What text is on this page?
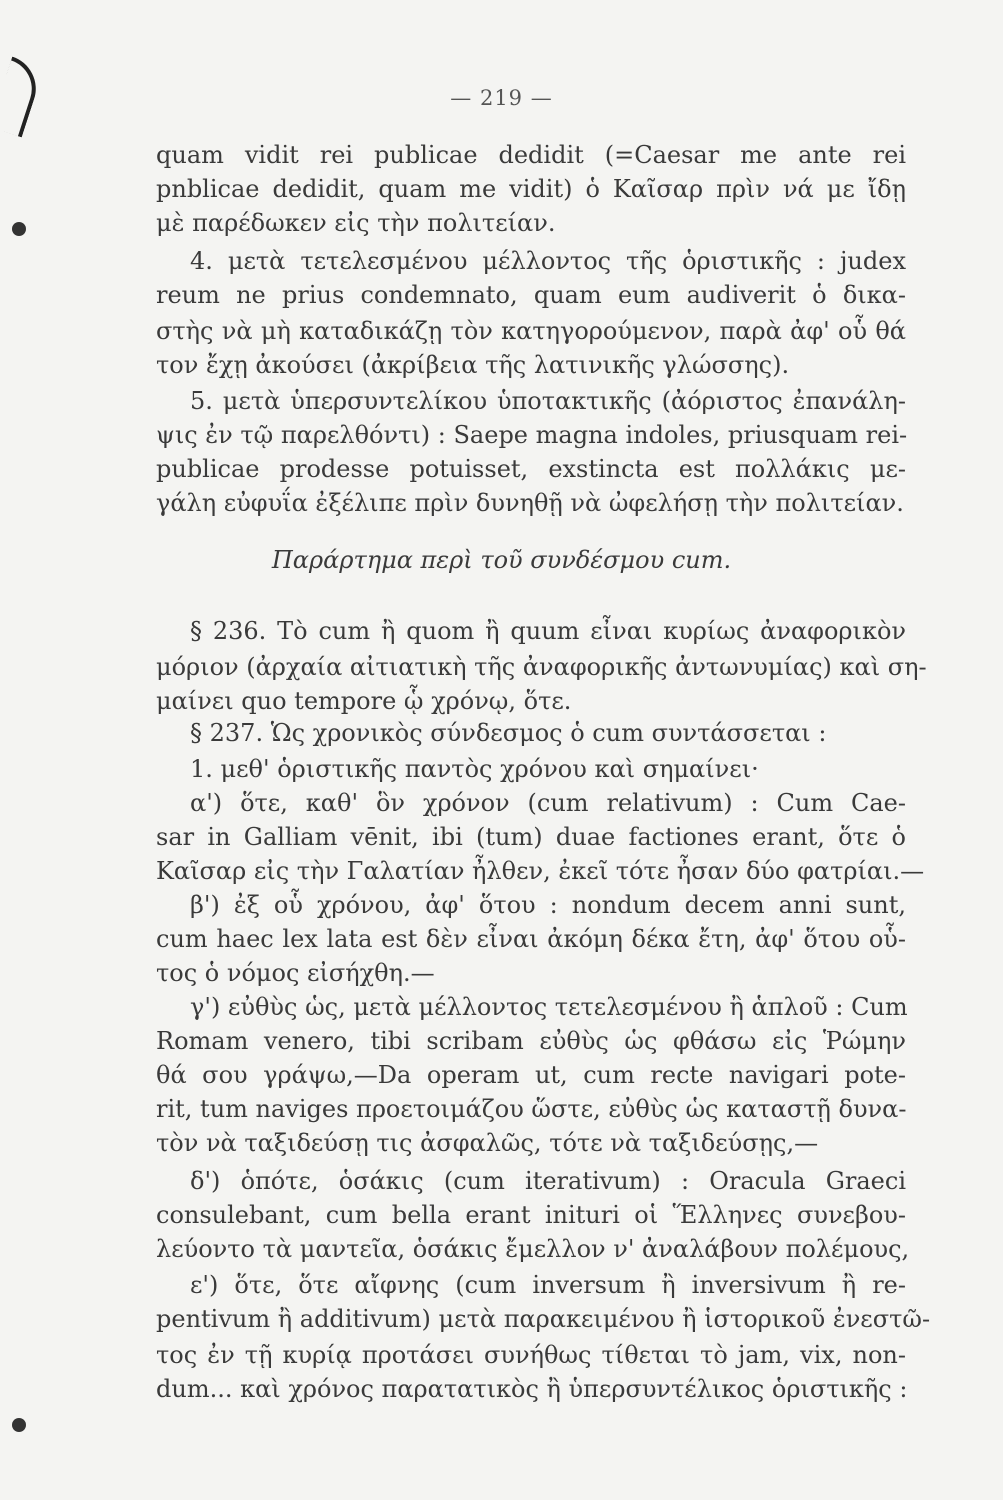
— 219 —
quam vidit rei publicae dedidit (=Caesar me ante rei
pnblicae dedidit, quam me vidit) ὁ Καῖσαρ πρὶν νά με ἴδῃ
μὲ παρέδωκεν εἰς τὴν πολιτείαν.
4. μετὰ τετελεσμένου μέλλοντος τῆς ὁριστικῆς : judex
reum ne prius condemnato, quam eum audiverit ὁ δικα-
στὴς νὰ μὴ καταδικάζῃ τὸν κατηγορούμενον, παρὰ ἀφ' οὗ θά
τον ἔχῃ ἀκούσει (ἀκρίβεια τῆς λατινικῆς γλώσσης).
5. μετὰ ὑπερσυντελίκου ὑποτακτικῆς (ἀόριστος ἐπανάλη-
ψις ἐν τῷ παρελθόντι) : Saepe magna indoles, priusquam rei-
publicae prodesse potuisset, exstincta est πολλάκις με-
γάλη εὐφυΐα ἐξέλιπε πρὶν δυνηθῇ νὰ ὠφελήσῃ τὴν πολιτείαν.
Παράρτημα περὶ τοῦ συνδέσμου cum.
§ 236. Τὸ cum ἢ quom ἢ quum εἶναι κυρίως ἀναφορικὸν
μόριον (ἀρχαία αἰτιατικὴ τῆς ἀναφορικῆς ἀντωνυμίας) καὶ ση-
μαίνει quo tempore ᾧ χρόνῳ, ὅτε.
§ 237. Ὡς χρονικὸς σύνδεσμος ὁ cum συντάσσεται :
1. μεθ' ὁριστικῆς παντὸς χρόνου καὶ σημαίνει·
α') ὅτε, καθ' ὃν χρόνον (cum relativum) : Cum Cae-
sar in Galliam vēnit, ibi (tum) duae factiones erant, ὅτε ὁ
Καῖσαρ εἰς τὴν Γαλατίαν ἦλθεν, ἐκεῖ τότε ἦσαν δύο φατρίαι.—
β') ἐξ οὗ χρόνου, ἀφ' ὅτου : nondum decem anni sunt,
cum haec lex lata est δὲν εἶναι ἀκόμη δέκα ἔτη, ἀφ' ὅτου οὗ-
τος ὁ νόμος εἰσήχθη.—
γ') εὐθὺς ὡς, μετὰ μέλλοντος τετελεσμένου ἢ ἁπλοῦ : Cum
Romam venero, tibi scribam εὐθὺς ὡς φθάσω εἰς Ῥώμην
θά σου γράψω,—Da operam ut, cum recte navigari pote-
rit, tum naviges προετοιμάζου ὥστε, εὐθὺς ὡς καταστῇ δυνα-
τὸν νὰ ταξιδεύσῃ τις ἀσφαλῶς, τότε νὰ ταξιδεύσῃς,—
δ') ὁπότε, ὁσάκις (cum iterativum) : Oracula Graeci
consulebant, cum bella erant inituri οἱ Ἕλληνες συνεβου-
λεύοντο τὰ μαντεῖα, ὁσάκις ἔμελλον ν' ἀναλάβουν πολέμους,
ε') ὅτε, ὅτε αἴφνης (cum inversum ἢ inversivum ἢ re-
pentivum ἢ additivum) μετὰ παρακειμένου ἢ ἱστορικοῦ ἐνεστῶ-
τος ἐν τῇ κυρίᾳ προτάσει συνήθως τίθεται τὸ jam, vix, non-
dum... καὶ χρόνος παρατατικὸς ἢ ὑπερσυντέλικος ὁριστικῆς :
